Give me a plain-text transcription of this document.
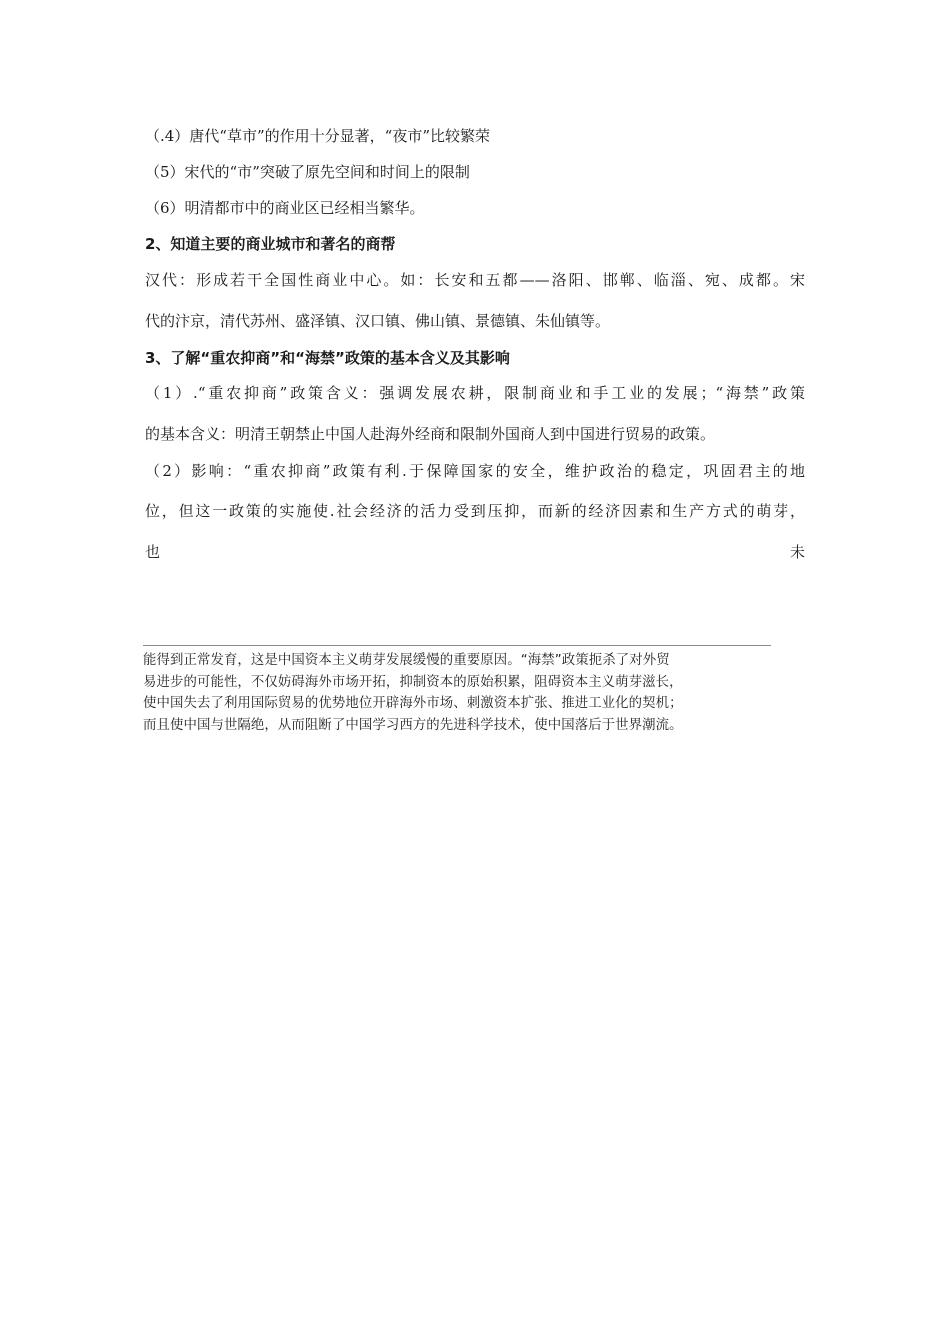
（.4）唐代“草市”的作用十分显著，“夜市”比较繁荣
（5）宋代的“市”突破了原先空间和时间上的限制
（6）明清都市中的商业区已经相当繁华。
2、知道主要的商业城市和著名的商帮
汉代：形成若干全国性商业中心。如：长安和五都——洛阳、邯郸、临淄、宛、成都。宋
代的汴京，清代苏州、盛泽镇、汉口镇、佛山镇、景德镇、朱仙镇等。
3、了解“重农抑商”和“海禁”政策的基本含义及其影响
（1）.“重农抑商”政策含义：强调发展农耕，限制商业和手工业的发展；“海禁”政策
的基本含义：明清王朝禁止中国人赴海外经商和限制外国商人到中国进行贸易的政策。
（2）影响：“重农抑商”政策有利.于保障国家的安全，维护政治的稳定，巩固君主的地
位，但这一政策的实施使.社会经济的活力受到压抑，而新的经济因素和生产方式的萌芽，
也	未
能得到正常发育，这是中国资本主义萌芽发展缓慢的重要原因。“海禁”政策扼杀了对外贸
易进步的可能性，不仅妨碍海外市场开拓，抑制资本的原始积累，阻碍资本主义萌芽滋长，
使中国失去了利用国际贸易的优势地位开辟海外市场、刺激资本扩张、推进工业化的契机；
而且使中国与世隔绝，从而阻断了中国学习西方的先进科学技术，使中国落后于世界潮流。
